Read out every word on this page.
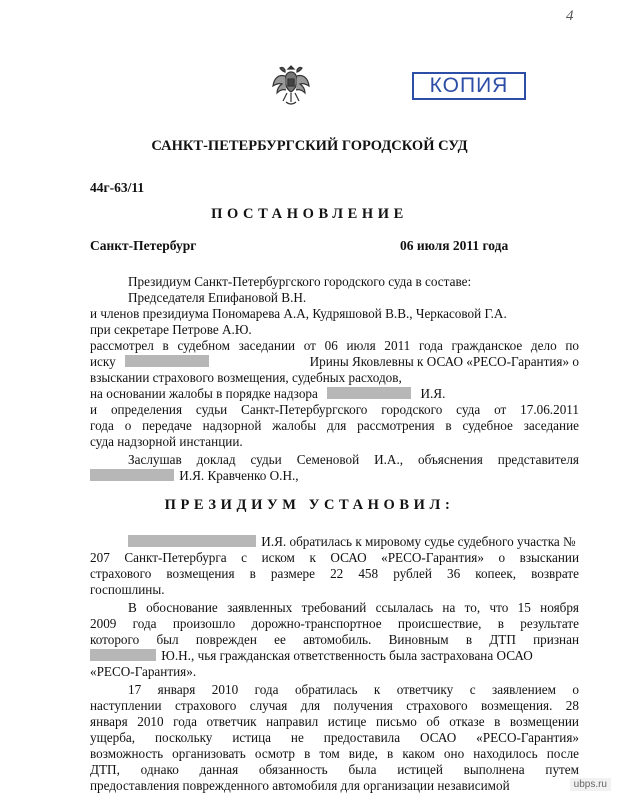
4
КОПИЯ
САНКТ-ПЕТЕРБУРГСКИЙ ГОРОДСКОЙ СУД
44г-63/11
ПОСТАНОВЛЕНИЕ
Санкт-Петербург	06 июля 2011 года
Президиум Санкт-Петербургского городского суда в составе:
Председателя Епифановой В.Н.
и членов президиума Пономарева А.А, Кудряшовой В.В., Черкасовой Г.А.
при секретаре Петрове А.Ю.
рассмотрел в судебном заседании от 06 июля 2011 года гражданское дело по
иску	Ирины Яковлевны к ОСАО «РЕСО-Гарантия» о
взыскании страхового возмещения, судебных расходов,
на основании жалобы в порядке надзора	И.Я.
и определения судьи Санкт-Петербургского городского суда от 17.06.2011
года о передаче надзорной жалобы для рассмотрения в судебное заседание
суда надзорной инстанции.
Заслушав доклад судьи Семеновой И.А., объяснения представителя
И.Я. Кравченко О.Н.,
ПРЕЗИДИУМ УСТАНОВИЛ:
И.Я. обратилась к мировому судье судебного участка №
207 Санкт-Петербурга с иском к ОСАО «РЕСО-Гарантия» о взыскании
страхового возмещения в размере 22 458 рублей 36 копеек, возврате
госпошлины.
В обоснование заявленных требований ссылалась на то, что 15 ноября
2009 года произошло дорожно-транспортное происшествие, в результате
которого был поврежден ее автомобиль. Виновным в ДТП признан
Ю.Н., чья гражданская ответственность была застрахована ОСАО
«РЕСО-Гарантия».
17 января 2010 года обратилась к ответчику с заявлением о
наступлении страхового случая для получения страхового возмещения. 28
января 2010 года ответчик направил истице письмо об отказе в возмещении
ущерба, поскольку истица не предоставила ОСАО «РЕСО-Гарантия»
возможность организовать осмотр в том виде, в каком оно находилось после
ДТП, однако данная обязанность была истицей выполнена путем
предоставления поврежденного автомобиля для организации независимой	ubps.ru
